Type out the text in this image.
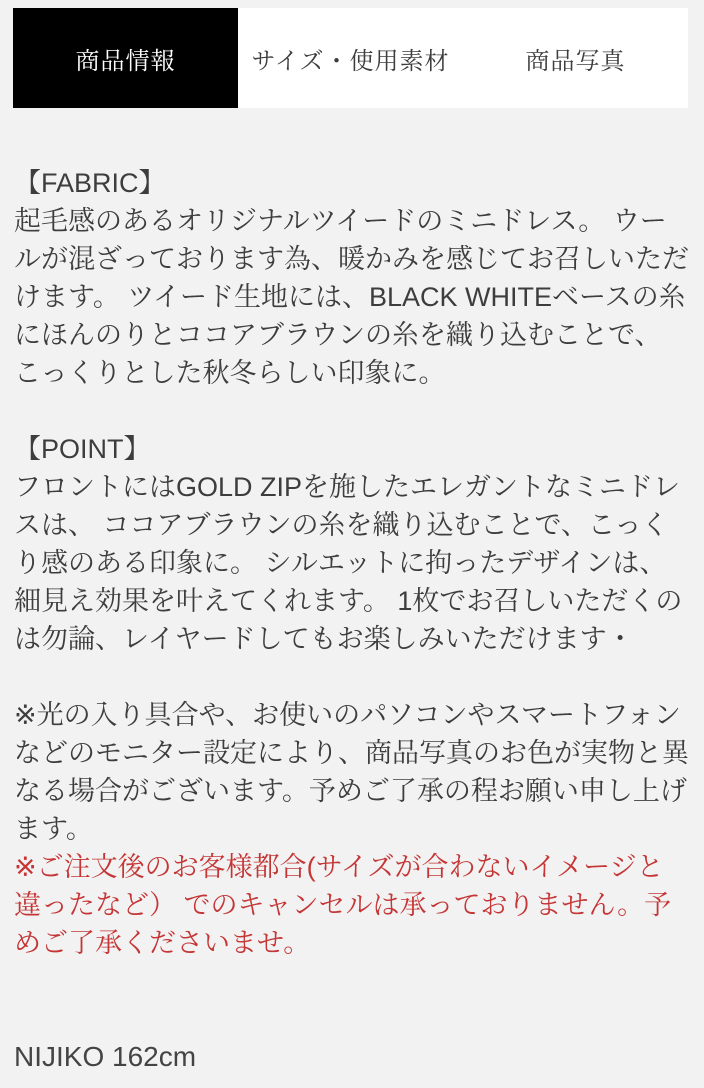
商品情報	サイズ・使用素材	商品写真
【FABRIC】
起毛感のあるオリジナルツイードのミニドレス。 ウールが混ざっております為、暖かみを感じてお召しいただけます。 ツイード生地には、BLACK WHITEベースの糸にほんのりとココアブラウンの糸を織り込むことで、 こっくりとした秋冬らしい印象に。
【POINT】
フロントにはGOLD ZIPを施したエレガントなミニドレスは、 ココアブラウンの糸を織り込むことで、こっくり感のある印象に。 シルエットに拘ったデザインは、細見え効果を叶えてくれます。 1枚でお召しいただくのは勿論、レイヤードしてもお楽しみいただけます・
※光の入り具合や、お使いのパソコンやスマートフォンなどのモニター設定により、商品写真のお色が実物と異なる場合がございます。予めご了承の程お願い申し上げます。
※ご注文後のお客様都合(サイズが合わないイメージと違ったなど） でのキャンセルは承っておりません。予めご了承くださいませ。
NIJIKO 162cm
